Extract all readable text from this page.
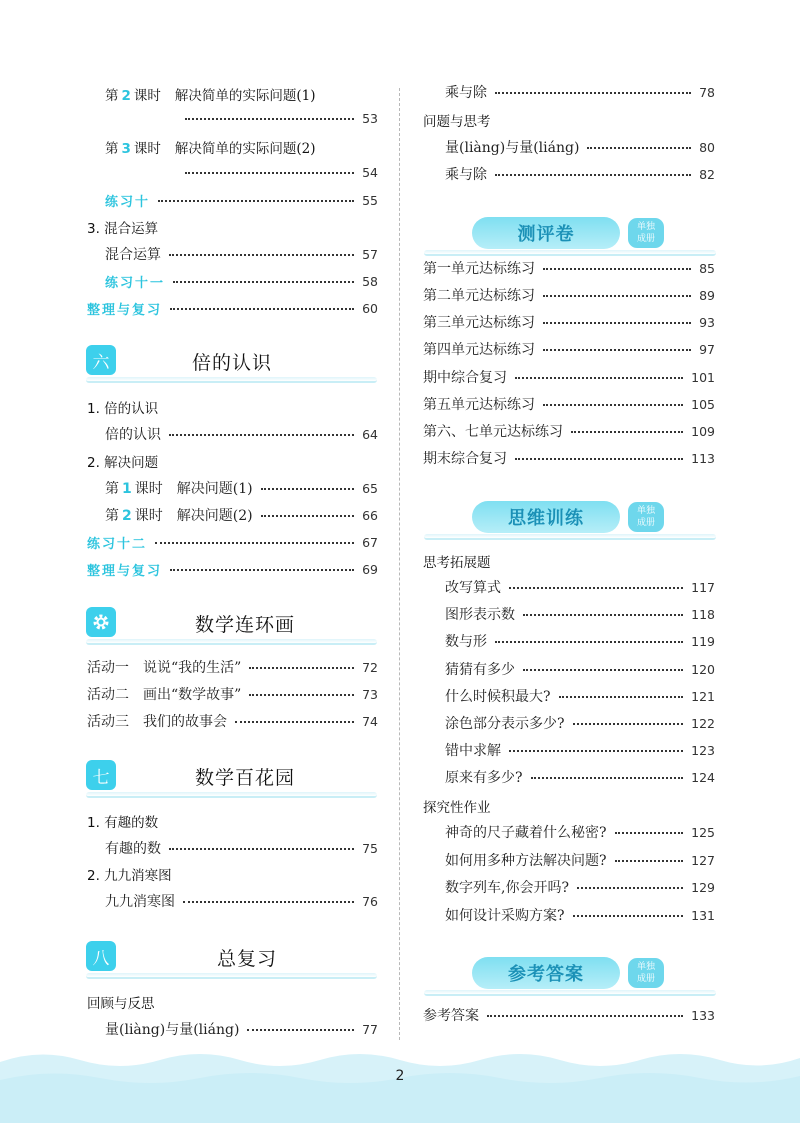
第 2 课时 解决简单的实际问题(1)
53
第 3 课时 解决简单的实际问题(2)
54
练习十	55
3. 混合运算
混合运算	57
练习十一	58
整理与复习	60
六	倍的认识
1. 倍的认识
倍的认识	64
2. 解决问题
第 1 课时 解决问题(1)	65
第 2 课时 解决问题(2)	66
练习十二	67
整理与复习	69
数学连环画
活动一　说说“我的生活”	72
活动二　画出“数学故事”	73
活动三　我们的故事会	74
七	数学百花园
1. 有趣的数
有趣的数	75
2. 九九消寒图
九九消寒图	76
八	总复习
回顾与反思
量(liàng)与量(liáng)	77
乘与除	78
问题与思考
量(liàng)与量(liáng)	80
乘与除	82
测评卷	单独
成册
第一单元达标练习	85
第二单元达标练习	89
第三单元达标练习	93
第四单元达标练习	97
期中综合复习	101
第五单元达标练习	105
第六、七单元达标练习	109
期末综合复习	113
思维训练	单独
成册
思考拓展题
改写算式	117
图形表示数	118
数与形	119
猜猜有多少	120
什么时候积最大?	121
涂色部分表示多少?	122
错中求解	123
原来有多少?	124
探究性作业
神奇的尺子藏着什么秘密?	125
如何用多种方法解决问题?	127
数字列车,你会开吗?	129
如何设计采购方案?	131
参考答案	单独
成册
参考答案	133
2
